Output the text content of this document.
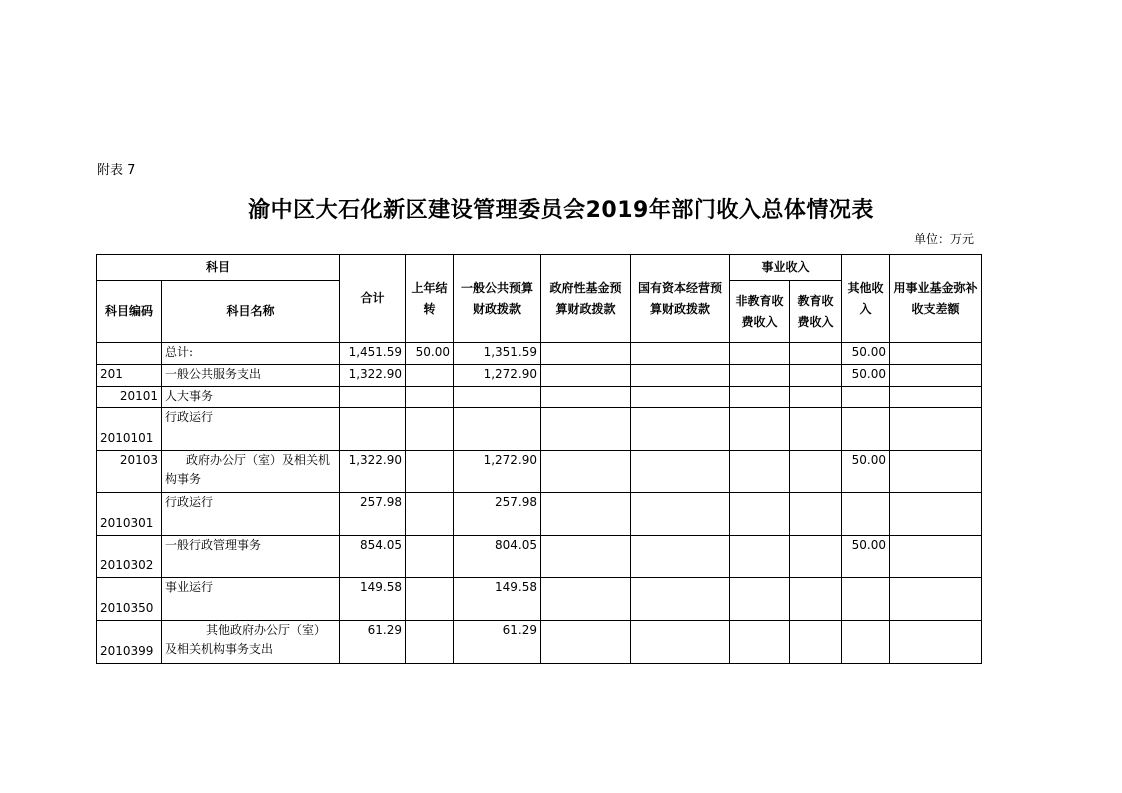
附表 7
渝中区大石化新区建设管理委员会2019年部门收入总体情况表
单位：万元
科目		合计	上年结转	一般公共预算财政拨款	政府性基金预算财政拨款	国有资本经营预算财政拨款	事业收入		其他收入	用事业基金弥补收支差额
科目编码	科目名称						非教育收费收入	教育收费收入		
	总计:	1,451.59	50.00	1,351.59					50.00	
201	一般公共服务支出	1,322.90		1,272.90					50.00	
20101	人大事务									
2010101	行政运行									
20103	政府办公厅（室）及相关机构事务	1,322.90		1,272.90					50.00	
2010301	行政运行	257.98		257.98						
2010302	一般行政管理事务	854.05		804.05					50.00	
2010350	事业运行	149.58		149.58						
2010399	其他政府办公厅（室）及相关机构事务支出	61.29		61.29						
